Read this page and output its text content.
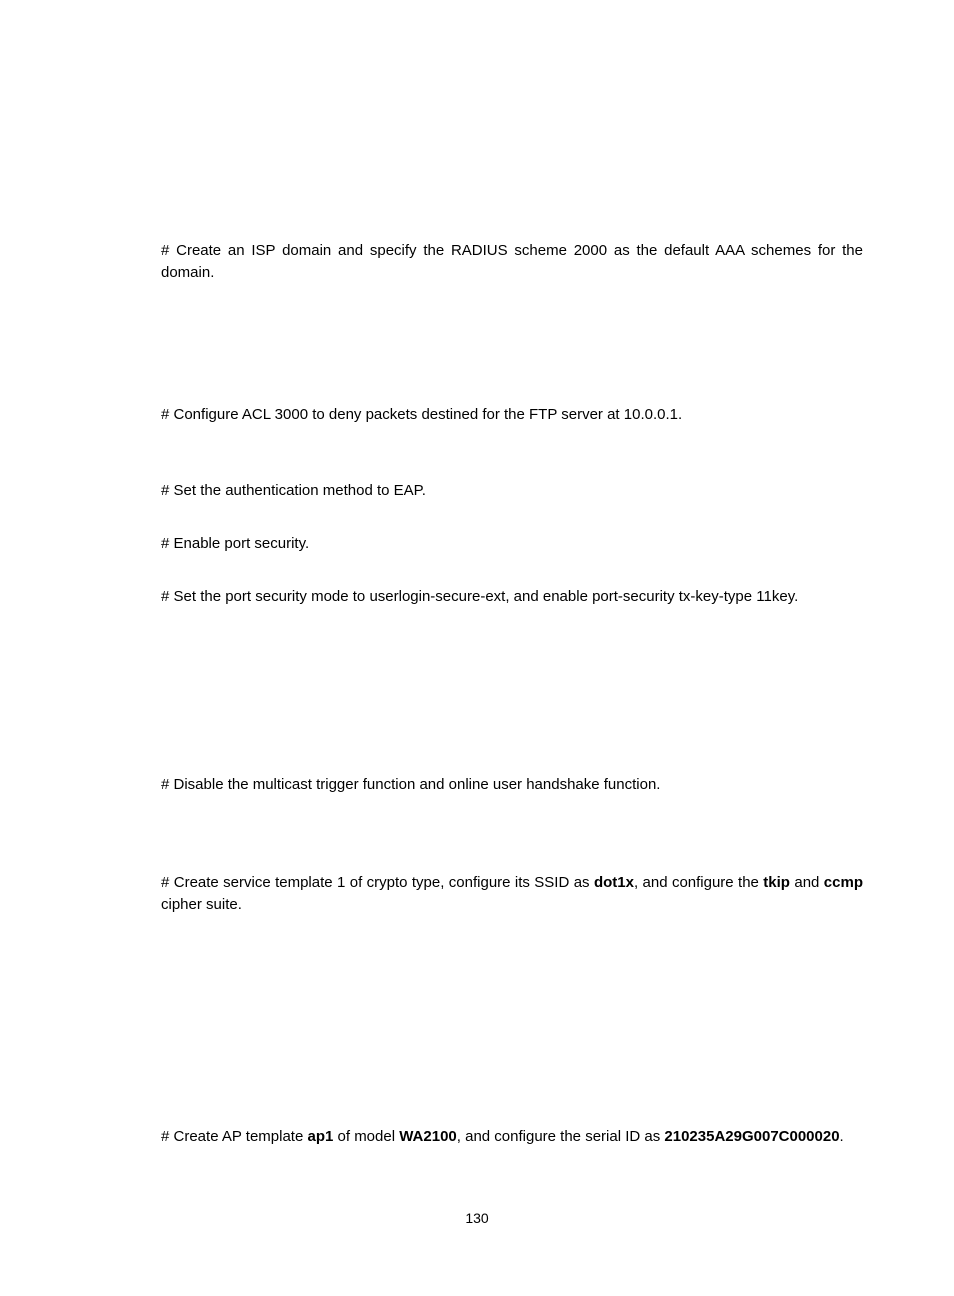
# Create an ISP domain and specify the RADIUS scheme 2000 as the default AAA schemes for the domain.

# Configure ACL 3000 to deny packets destined for the FTP server at 10.0.0.1.

# Set the authentication method to EAP.

# Enable port security.

# Set the port security mode to userlogin-secure-ext, and enable port-security tx-key-type 11key.

# Disable the multicast trigger function and online user handshake function.

# Create service template 1 of crypto type, configure its SSID as dot1x, and configure the tkip and ccmp cipher suite.

# Create AP template ap1 of model WA2100, and configure the serial ID as 210235A29G007C000020.

130
